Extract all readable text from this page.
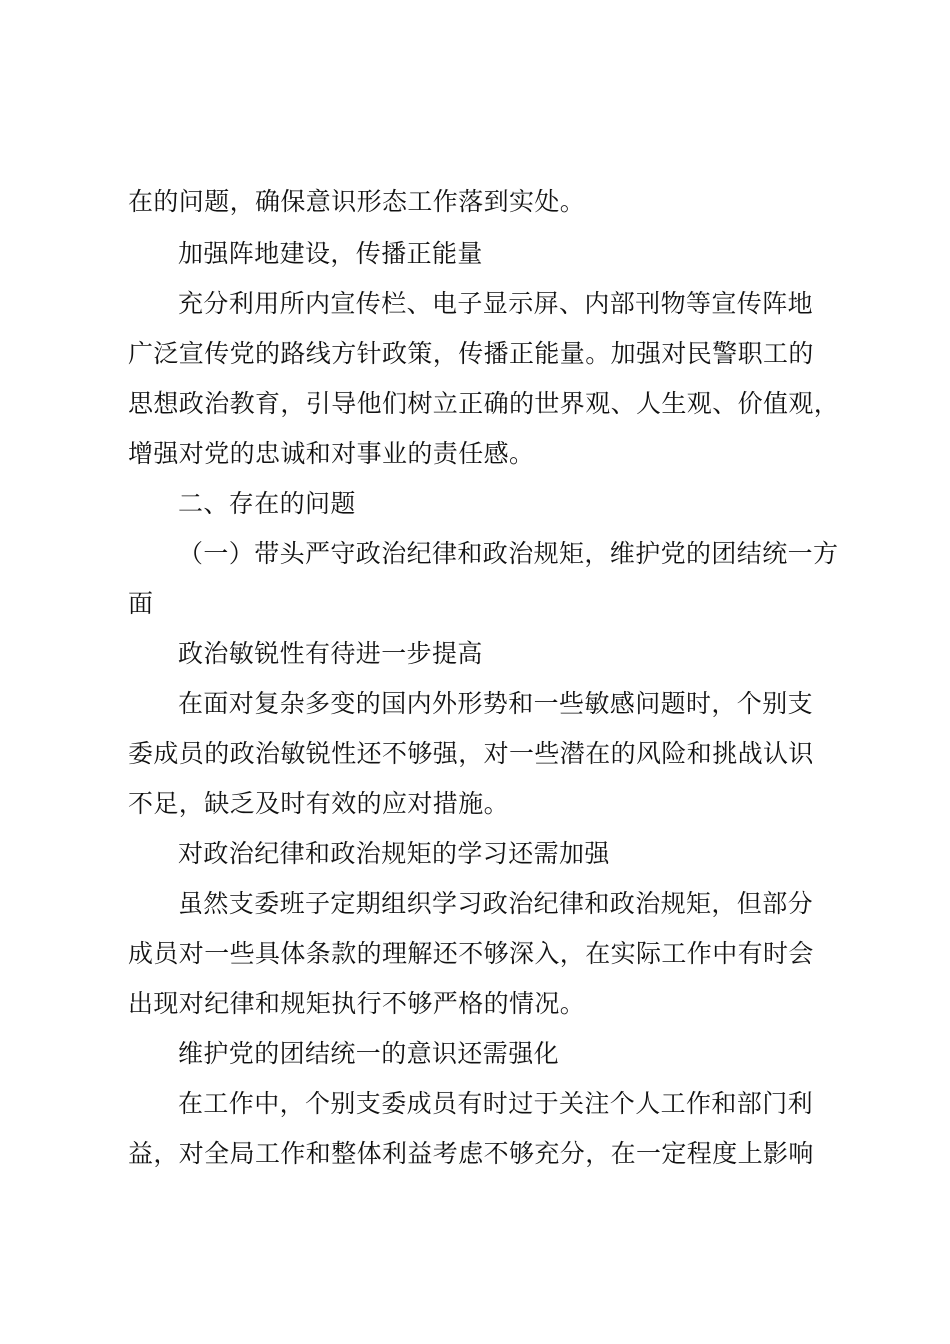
在的问题，确保意识形态工作落到实处。
加强阵地建设，传播正能量
充分利用所内宣传栏、电子显示屏、内部刊物等宣传阵地
广泛宣传党的路线方针政策，传播正能量。加强对民警职工的
思想政治教育，引导他们树立正确的世界观、人生观、价值观，
增强对党的忠诚和对事业的责任感。
二、存在的问题
（一）带头严守政治纪律和政治规矩，维护党的团结统一方
面
政治敏锐性有待进一步提高
在面对复杂多变的国内外形势和一些敏感问题时，个别支
委成员的政治敏锐性还不够强，对一些潜在的风险和挑战认识
不足，缺乏及时有效的应对措施。
对政治纪律和政治规矩的学习还需加强
虽然支委班子定期组织学习政治纪律和政治规矩，但部分
成员对一些具体条款的理解还不够深入，在实际工作中有时会
出现对纪律和规矩执行不够严格的情况。
维护党的团结统一的意识还需强化
在工作中，个别支委成员有时过于关注个人工作和部门利
益，对全局工作和整体利益考虑不够充分，在一定程度上影响
